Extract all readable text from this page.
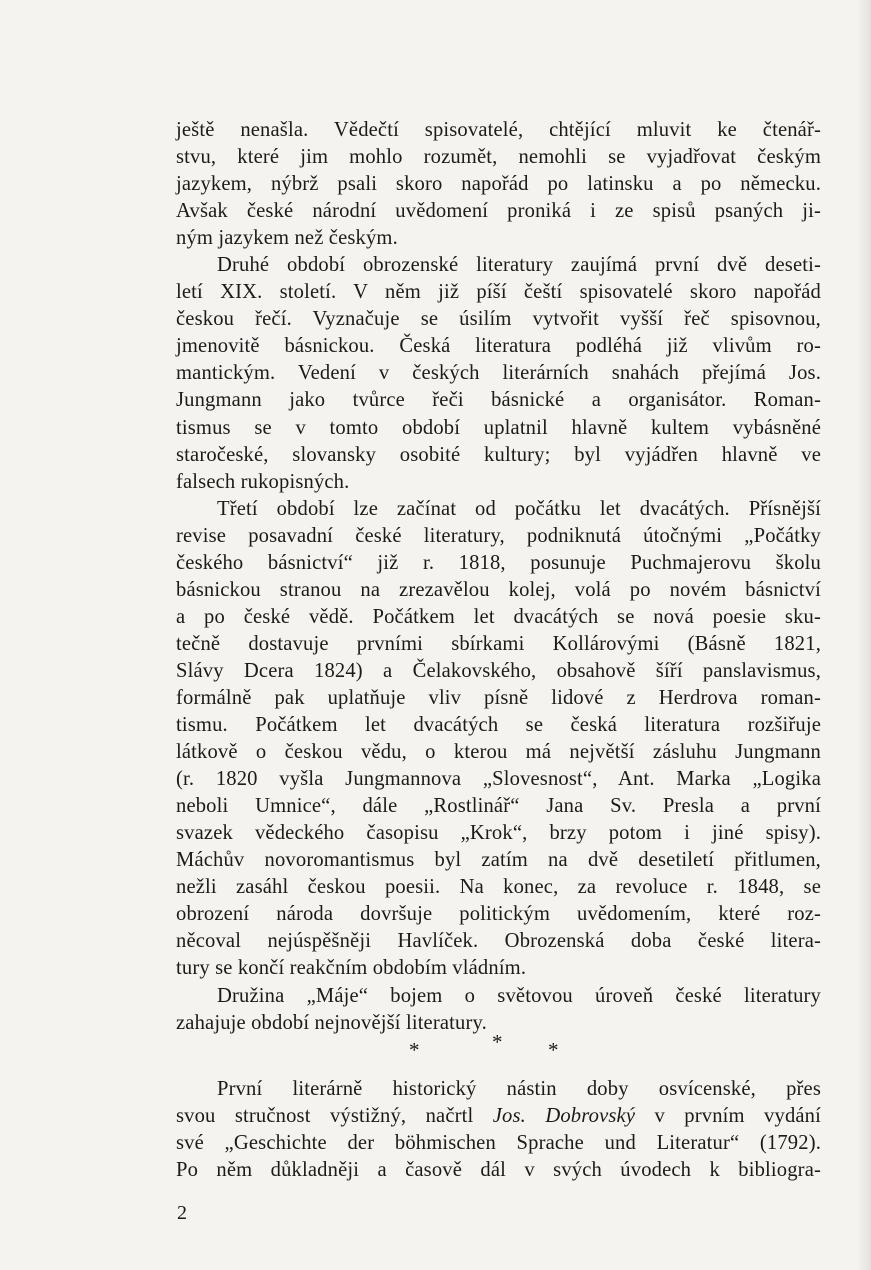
ještě nenašla. Vědečtí spisovatelé, chtějící mluvit ke čtenář-
stvu, které jim mohlo rozumět, nemohli se vyjadřovat českým
jazykem, nýbrž psali skoro napořád po latinsku a po německu.
Avšak české národní uvědomení proniká i ze spisů psaných ji-
ným jazykem než českým.
Druhé období obrozenské literatury zaujímá první dvě deseti-
letí XIX. století. V něm již píší čeští spisovatelé skoro napořád
českou řečí. Vyznačuje se úsilím vytvořit vyšší řeč spisovnou,
jmenovitě básnickou. Česká literatura podléhá již vlivům ro-
mantickým. Vedení v českých literárních snahách přejímá Jos.
Jungmann jako tvůrce řeči básnické a organisátor. Roman-
tismus se v tomto období uplatnil hlavně kultem vybásněné
staročeské, slovansky osobité kultury; byl vyjádřen hlavně ve
falsech rukopisných.
Třetí období lze začínat od počátku let dvacátých. Přísnější
revise posavadní české literatury, podniknutá útočnými „Počátky
českého básnictví“ již r. 1818, posunuje Puchmajerovu školu
básnickou stranou na zrezavělou kolej, volá po novém básnictví
a po české vědě. Počátkem let dvacátých se nová poesie sku-
tečně dostavuje prvními sbírkami Kollárovými (Básně 1821,
Slávy Dcera 1824) a Čelakovského, obsahově šíří panslavismus,
formálně pak uplatňuje vliv písně lidové z Herdrova roman-
tismu. Počátkem let dvacátých se česká literatura rozšiřuje
látkově o českou vědu, o kterou má největší zásluhu Jungmann
(r. 1820 vyšla Jungmannova „Slovesnost“, Ant. Marka „Logika
neboli Umnice“, dále „Rostlinář“ Jana Sv. Presla a první
svazek vědeckého časopisu „Krok“, brzy potom i jiné spisy).
Máchův novoromantismus byl zatím na dvě desetiletí přitlumen,
nežli zasáhl českou poesii. Na konec, za revoluce r. 1848, se
obrození národa dovršuje politickým uvědomením, které roz-
něcoval nejúspěšněji Havlíček. Obrozenská doba české litera-
tury se končí reakčním obdobím vládním.
Družina „Máje“ bojem o světovou úroveň české literatury
zahajuje období nejnovější literatury.
*	* *
První literárně historický nástin doby osvícenské, přes
svou stručnost výstižný, načrtl Jos. Dobrovský v prvním vydání
své „Geschichte der böhmischen Sprache und Literatur“ (1792).
Po něm důkladněji a časově dál v svých úvodech k bibliogra-
2
